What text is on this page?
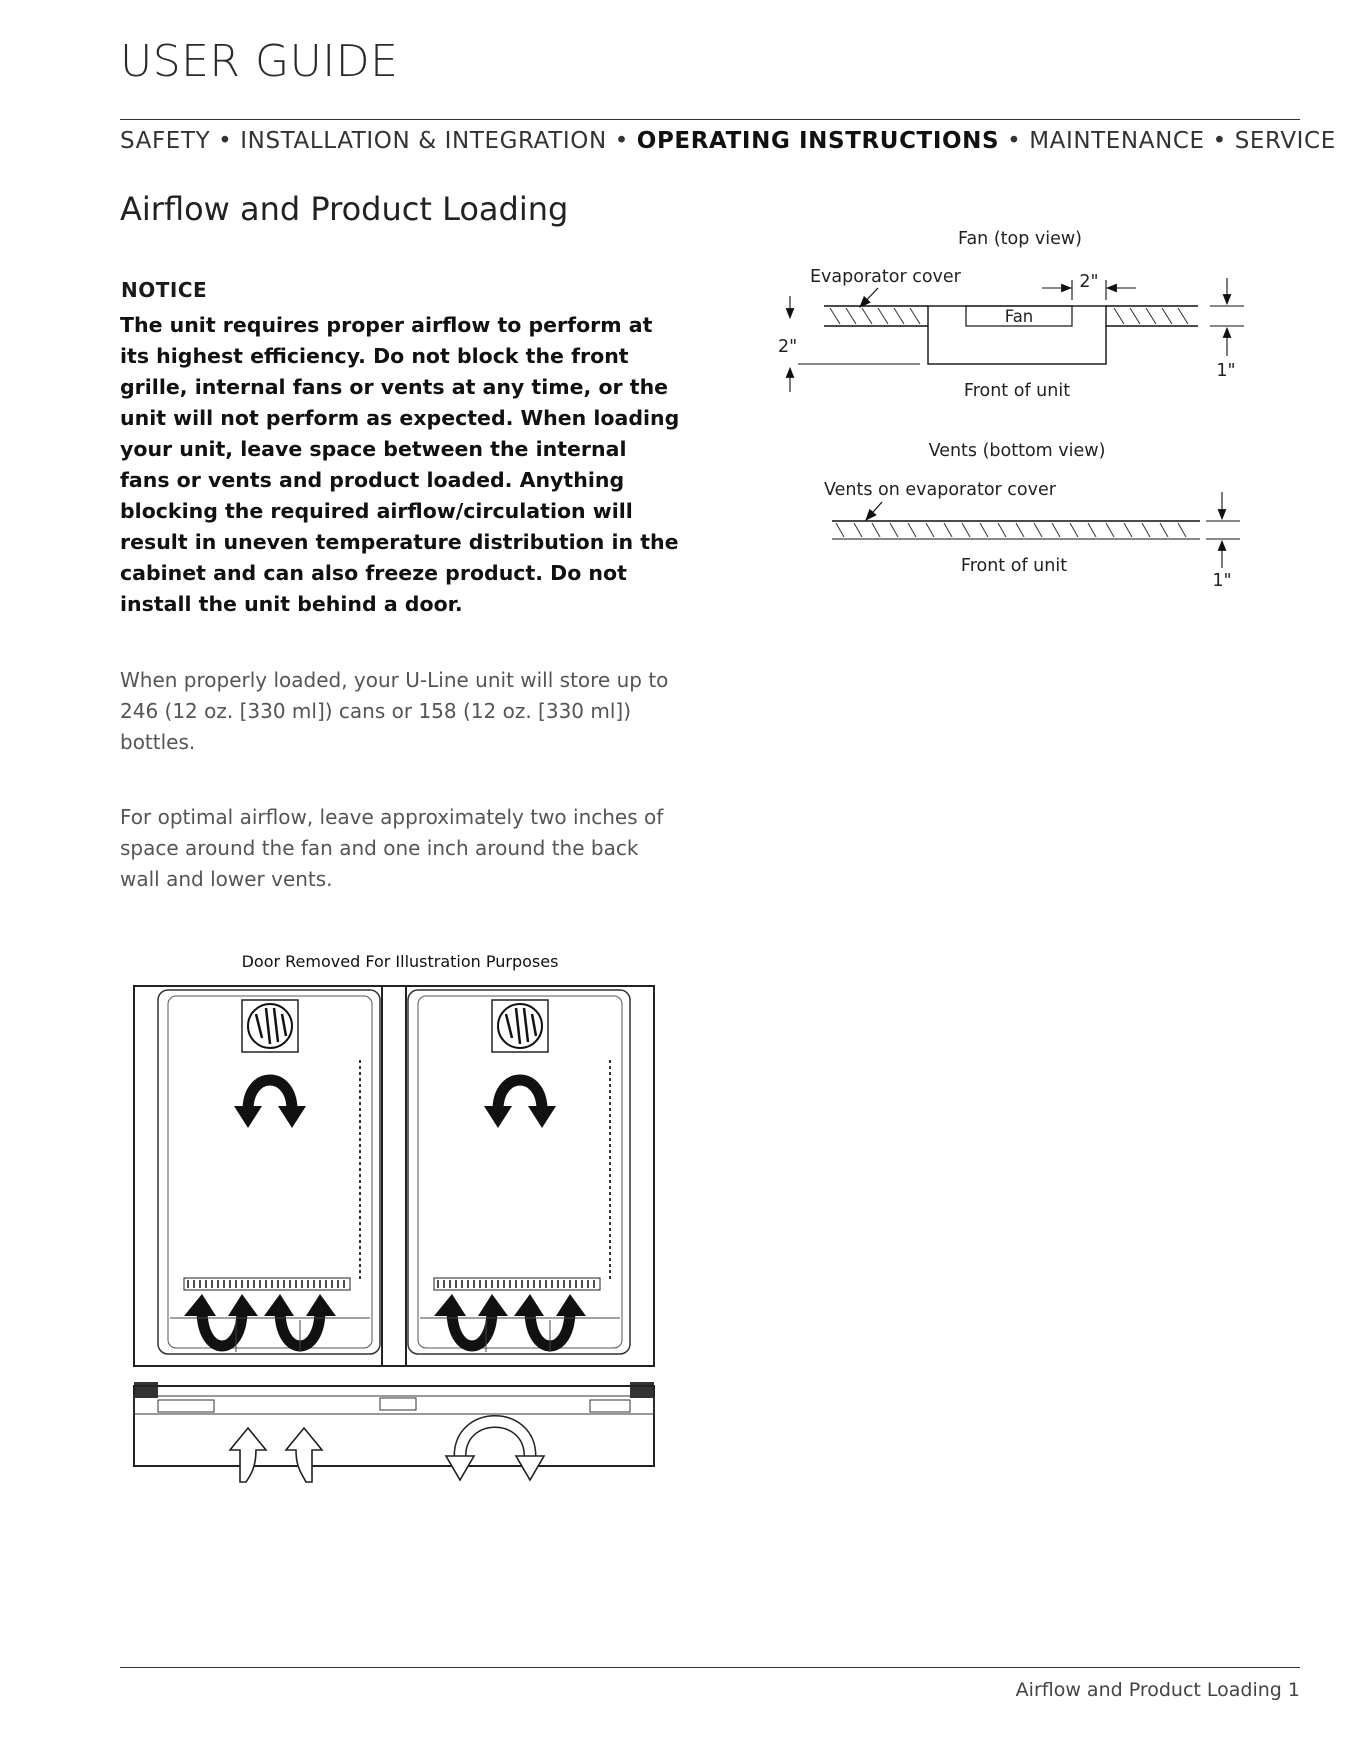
USER GUIDE
SAFETY • INSTALLATION & INTEGRATION • OPERATING INSTRUCTIONS • MAINTENANCE • SERVICE
Airflow and Product Loading
NOTICE
The unit requires proper airflow to perform at its highest efficiency. Do not block the front grille, internal fans or vents at any time, or the unit will not perform as expected. When loading your unit, leave space between the internal fans or vents and product loaded. Anything blocking the required airflow/circulation will result in uneven temperature distribution in the cabinet and can also freeze product. Do not install the unit behind a door.
When properly loaded, your U-Line unit will store up to 246 (12 oz. [330 ml]) cans or 158 (12 oz. [330 ml]) bottles.
For optimal airflow, leave approximately two inches of space around the fan and one inch around the back wall and lower vents.
Fan (top view)
Evaporator cover
Fan
2"
2"
1"
Front of unit
Vents (bottom view)
Vents on evaporator cover
1"
Front of unit
Door Removed For Illustration Purposes
Airflow and Product Loading 1
